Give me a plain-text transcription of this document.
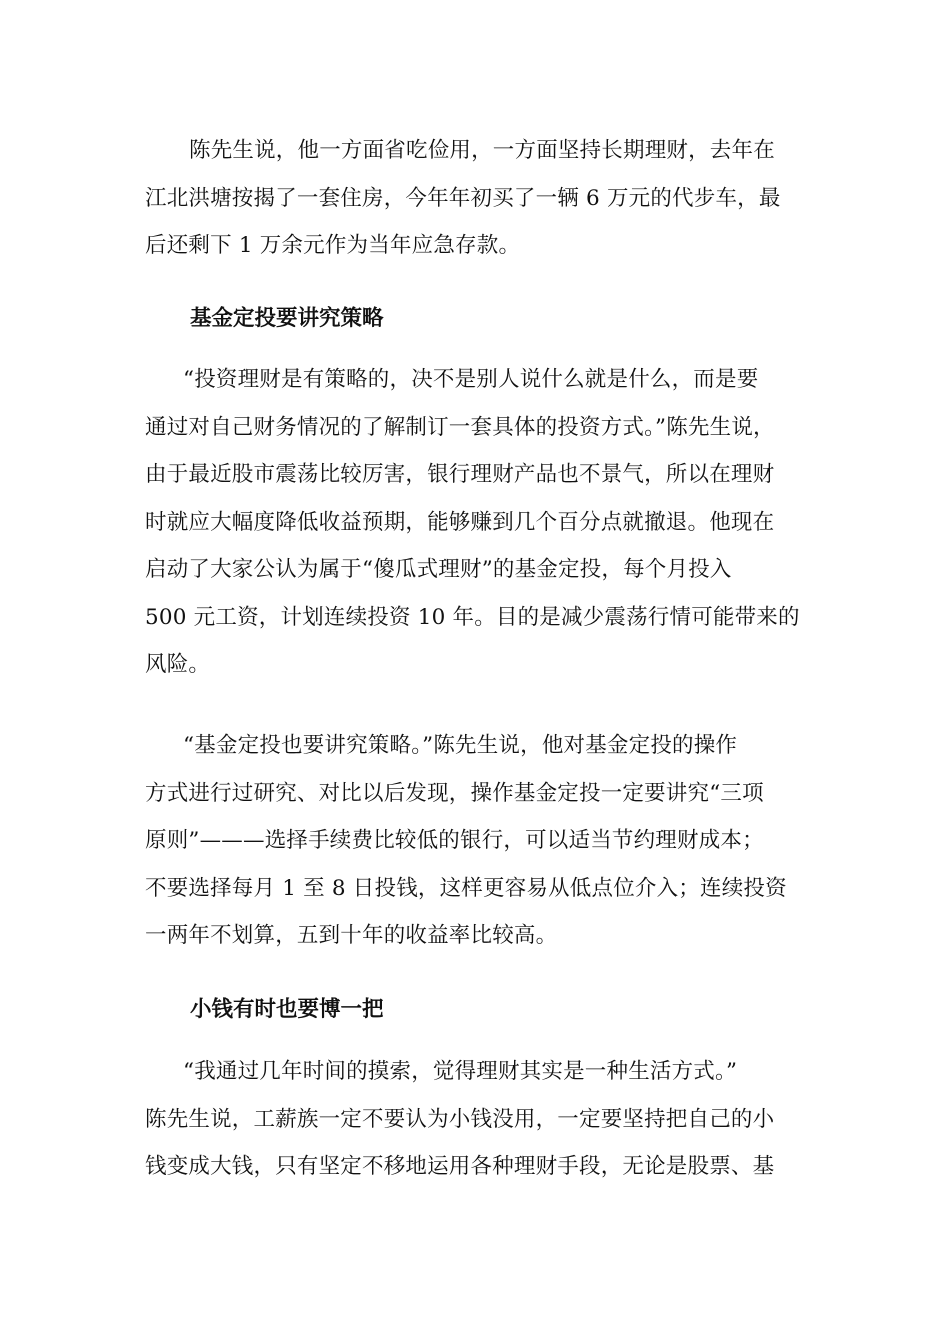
陈先生说，他一方面省吃俭用，一方面坚持长期理财，去年在
江北洪塘按揭了一套住房，今年年初买了一辆 6 万元的代步车，最
后还剩下 1 万余元作为当年应急存款。

基金定投要讲究策略

“投资理财是有策略的，决不是别人说什么就是什么，而是要
通过对自己财务情况的了解制订一套具体的投资方式。”陈先生说，
由于最近股市震荡比较厉害，银行理财产品也不景气，所以在理财
时就应大幅度降低收益预期，能够赚到几个百分点就撤退。他现在
启动了大家公认为属于“傻瓜式理财”的基金定投，每个月投入
500 元工资，计划连续投资 10 年。目的是减少震荡行情可能带来的
风险。

“基金定投也要讲究策略。”陈先生说，他对基金定投的操作
方式进行过研究、对比以后发现，操作基金定投一定要讲究“三项
原则”———选择手续费比较低的银行，可以适当节约理财成本；
不要选择每月 1 至 8 日投钱，这样更容易从低点位介入；连续投资
一两年不划算，五到十年的收益率比较高。

小钱有时也要博一把

“我通过几年时间的摸索，觉得理财其实是一种生活方式。”
陈先生说，工薪族一定不要认为小钱没用，一定要坚持把自己的小
钱变成大钱，只有坚定不移地运用各种理财手段，无论是股票、基
